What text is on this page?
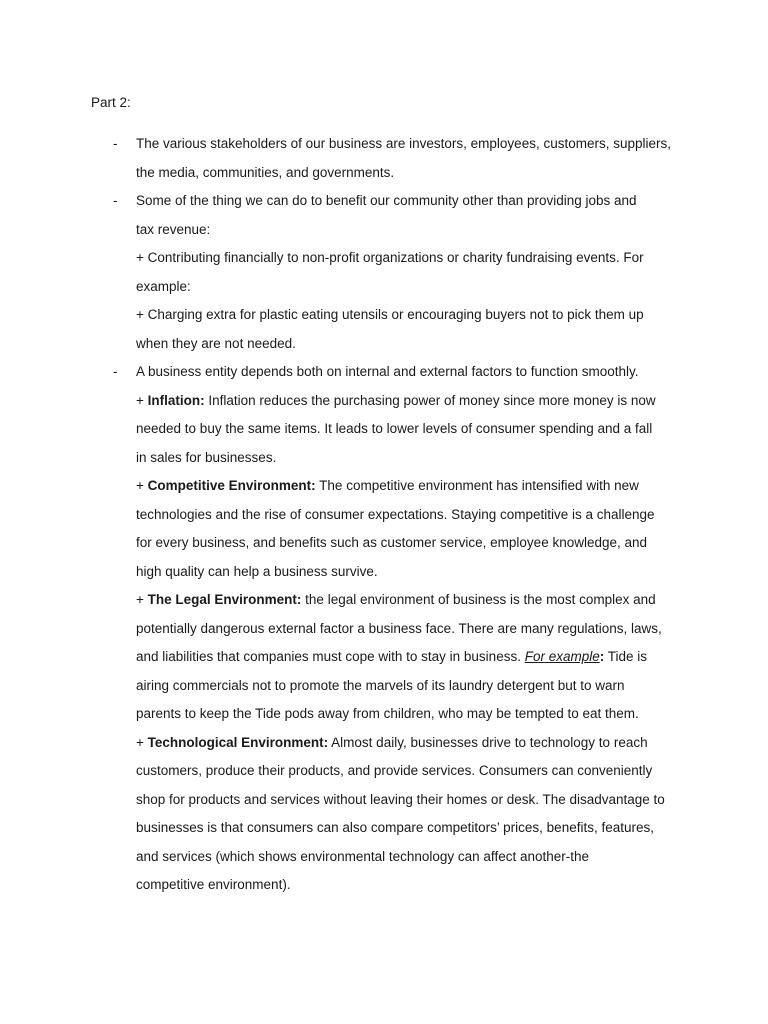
Part 2:
- The various stakeholders of our business are investors, employees, customers, suppliers,
the media, communities, and governments.
- Some of the thing we can do to benefit our community other than providing jobs and
tax revenue:
+ Contributing financially to non-profit organizations or charity fundraising events. For
example:
+ Charging extra for plastic eating utensils or encouraging buyers not to pick them up
when they are not needed.
- A business entity depends both on internal and external factors to function smoothly.
+ Inflation: Inflation reduces the purchasing power of money since more money is now
needed to buy the same items. It leads to lower levels of consumer spending and a fall
in sales for businesses.
+ Competitive Environment: The competitive environment has intensified with new
technologies and the rise of consumer expectations. Staying competitive is a challenge
for every business, and benefits such as customer service, employee knowledge, and
high quality can help a business survive.
+ The Legal Environment: the legal environment of business is the most complex and
potentially dangerous external factor a business face. There are many regulations, laws,
and liabilities that companies must cope with to stay in business. For example: Tide is
airing commercials not to promote the marvels of its laundry detergent but to warn
parents to keep the Tide pods away from children, who may be tempted to eat them.
+ Technological Environment: Almost daily, businesses drive to technology to reach
customers, produce their products, and provide services. Consumers can conveniently
shop for products and services without leaving their homes or desk. The disadvantage to
businesses is that consumers can also compare competitors’ prices, benefits, features,
and services (which shows environmental technology can affect another-the
competitive environment).
